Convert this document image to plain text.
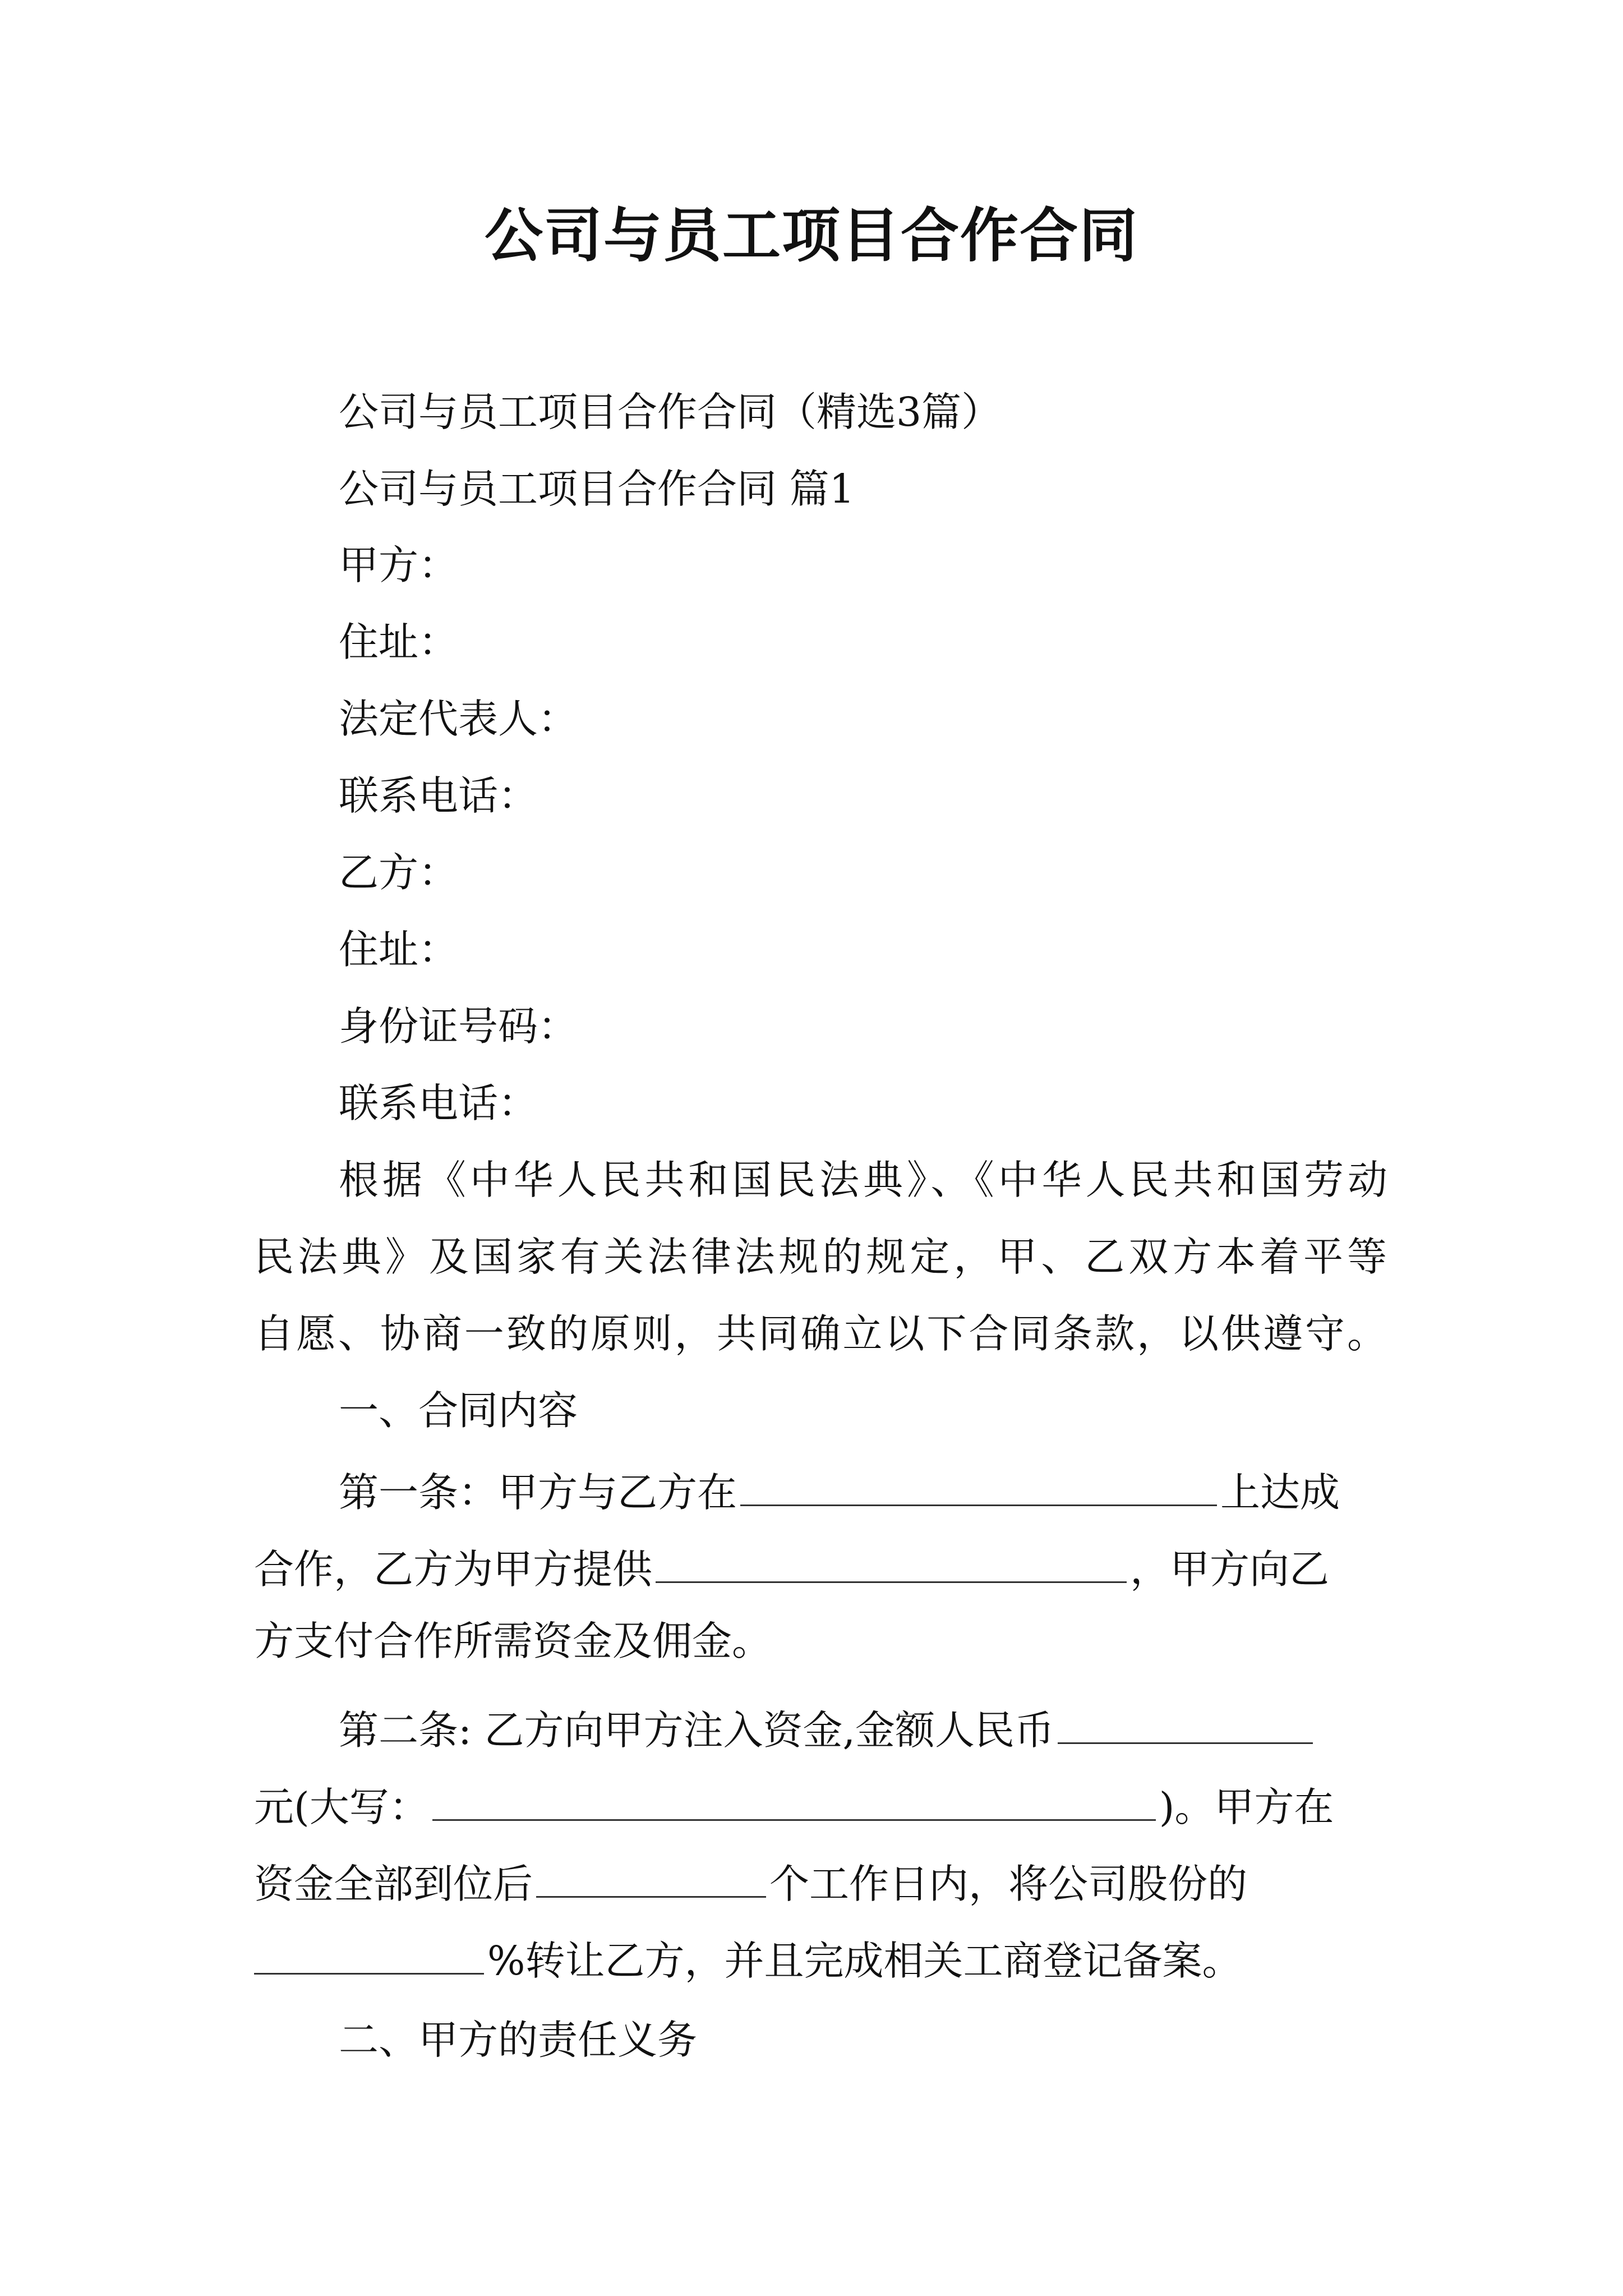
公司与员工项目合作合同
公司与员工项目合作合同（精选3篇）
公司与员工项目合作合同 篇1
甲方：
住址：
法定代表人：
联系电话：
乙方：
住址：
身份证号码：
联系电话：
根据《中华人民共和国民法典》、《中华人民共和国劳动
民法典》及国家有关法律法规的规定，甲、乙双方本着平等
自愿、协商一致的原则，共同确立以下合同条款，以供遵守。
一、合同内容
第一条：甲方与乙方在	上达成
合作，乙方为甲方提供	，甲方向乙
方支付合作所需资金及佣金。
第二条: 乙方向甲方注入资金,金额人民币
元(大写：	)。甲方在
资金全部到位后	个工作日内，将公司股份的
%转让乙方，并且完成相关工商登记备案。
二、甲方的责任义务
